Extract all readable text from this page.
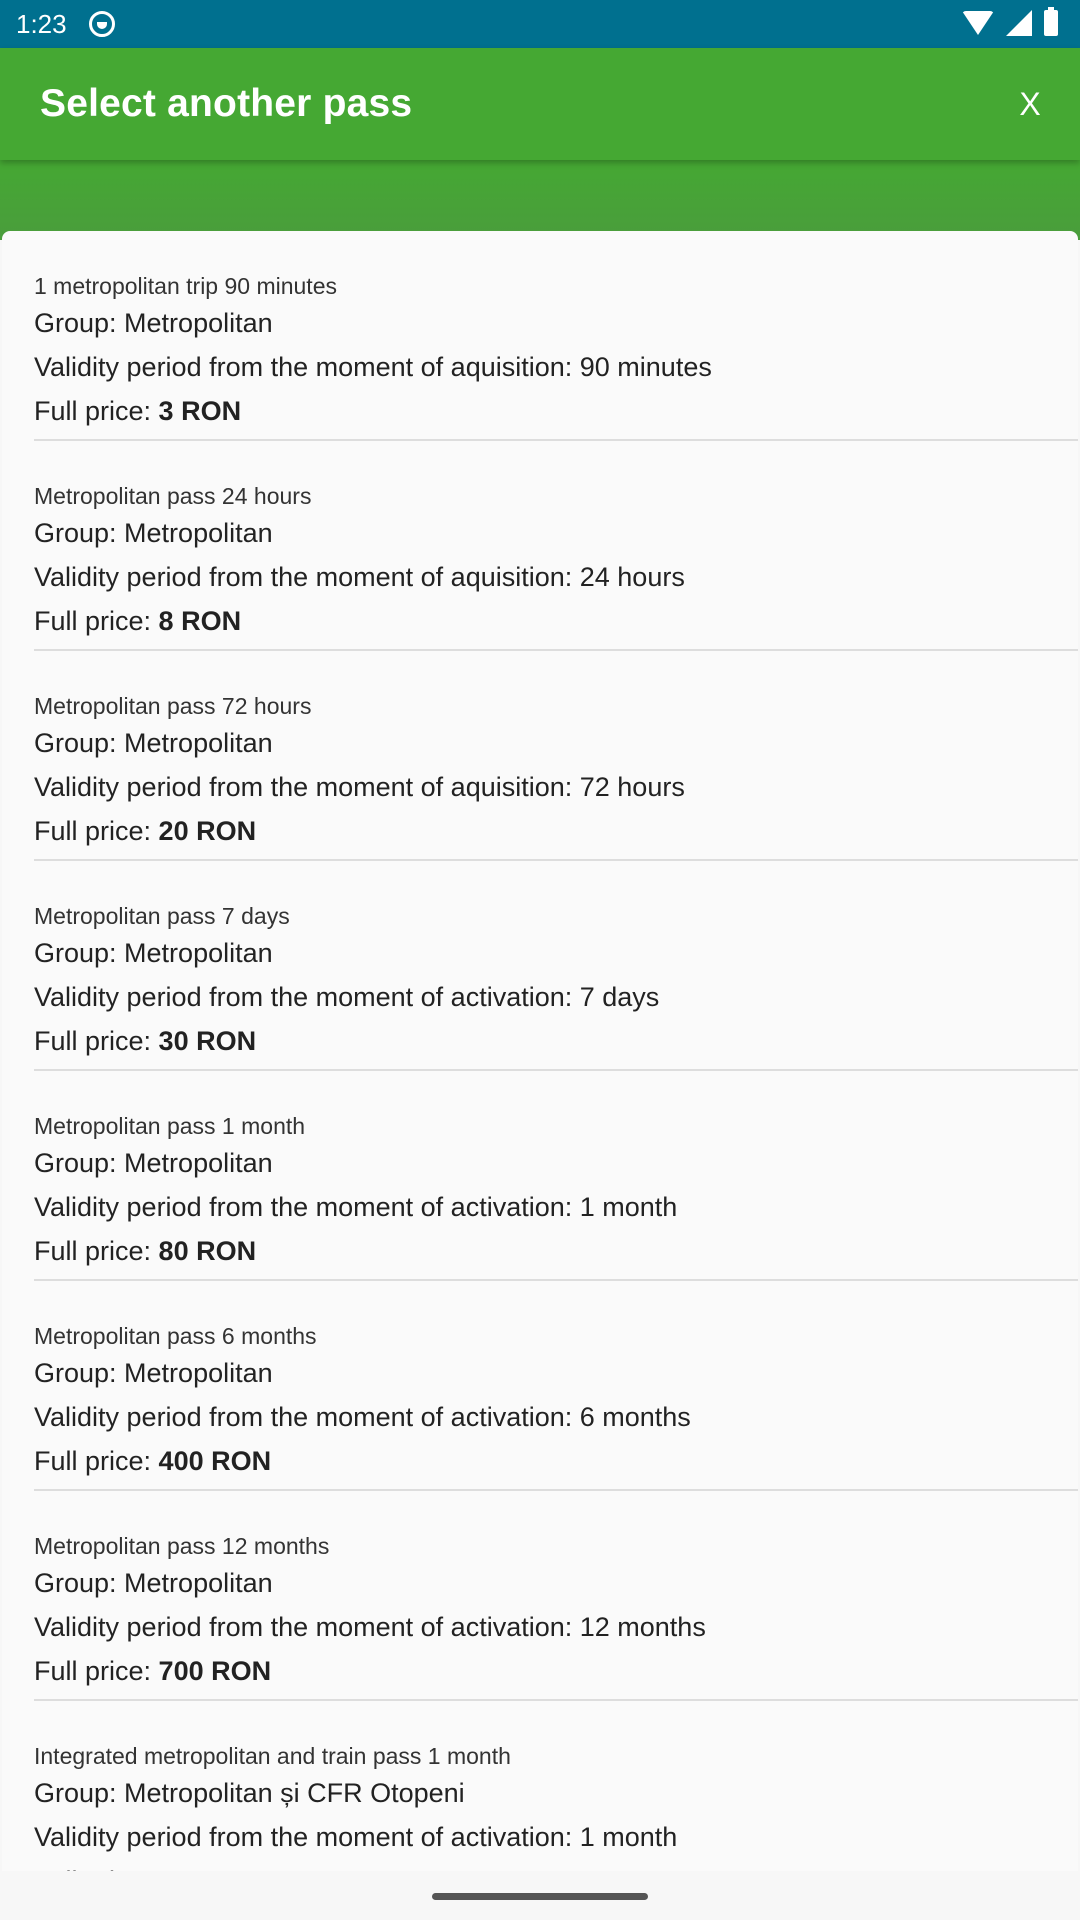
1:23
Select another pass	X
1 metropolitan trip 90 minutes
Group: Metropolitan
Validity period from the moment of aquisition: 90 minutes
Full price: 3 RON
Metropolitan pass 24 hours
Group: Metropolitan
Validity period from the moment of aquisition: 24 hours
Full price: 8 RON
Metropolitan pass 72 hours
Group: Metropolitan
Validity period from the moment of aquisition: 72 hours
Full price: 20 RON
Metropolitan pass 7 days
Group: Metropolitan
Validity period from the moment of activation: 7 days
Full price: 30 RON
Metropolitan pass 1 month
Group: Metropolitan
Validity period from the moment of activation: 1 month
Full price: 80 RON
Metropolitan pass 6 months
Group: Metropolitan
Validity period from the moment of activation: 6 months
Full price: 400 RON
Metropolitan pass 12 months
Group: Metropolitan
Validity period from the moment of activation: 12 months
Full price: 700 RON
Integrated metropolitan and train pass 1 month
Group: Metropolitan și CFR Otopeni
Validity period from the moment of activation: 1 month
